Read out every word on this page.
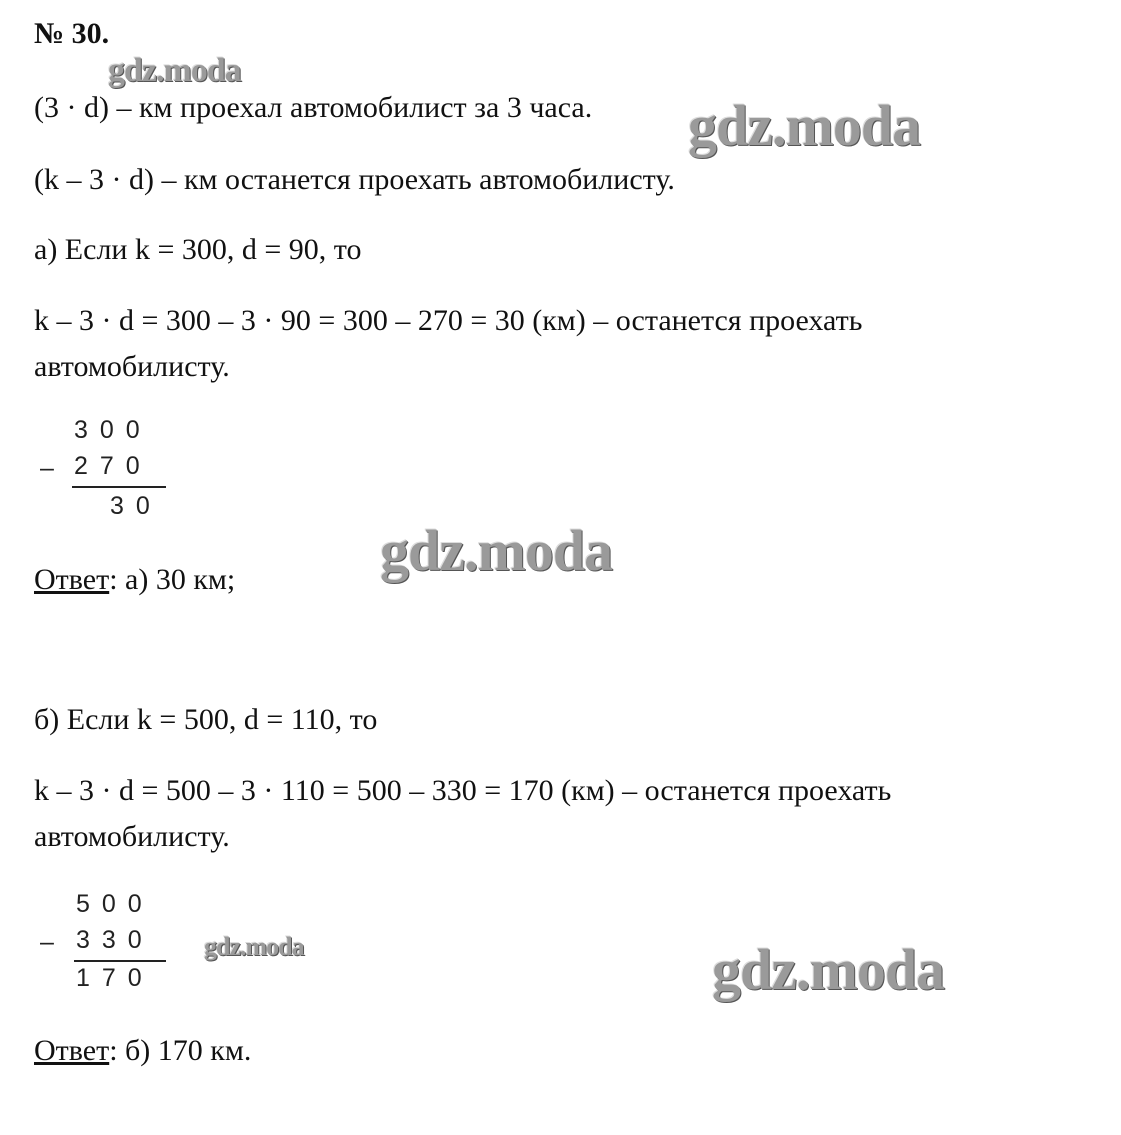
№ 30.
gdz.moda
(3 · d) – км проехал автомобилист за 3 часа. gdz.moda
(k – 3 · d) – км останется проехать автомобилисту.
а) Если k = 300, d = 90, то
k – 3 · d = 300 – 3 · 90 = 300 – 270 = 30 (км) – останется проехать
автомобилисту.
300
– 270
30
gdz.moda
Ответ: а) 30 км;
б) Если k = 500, d = 110, то
k – 3 · d = 500 – 3 · 110 = 500 – 330 = 170 (км) – останется проехать
автомобилисту.
500
– 330
170
gdz.moda	gdz.moda
Ответ: б) 170 км.
